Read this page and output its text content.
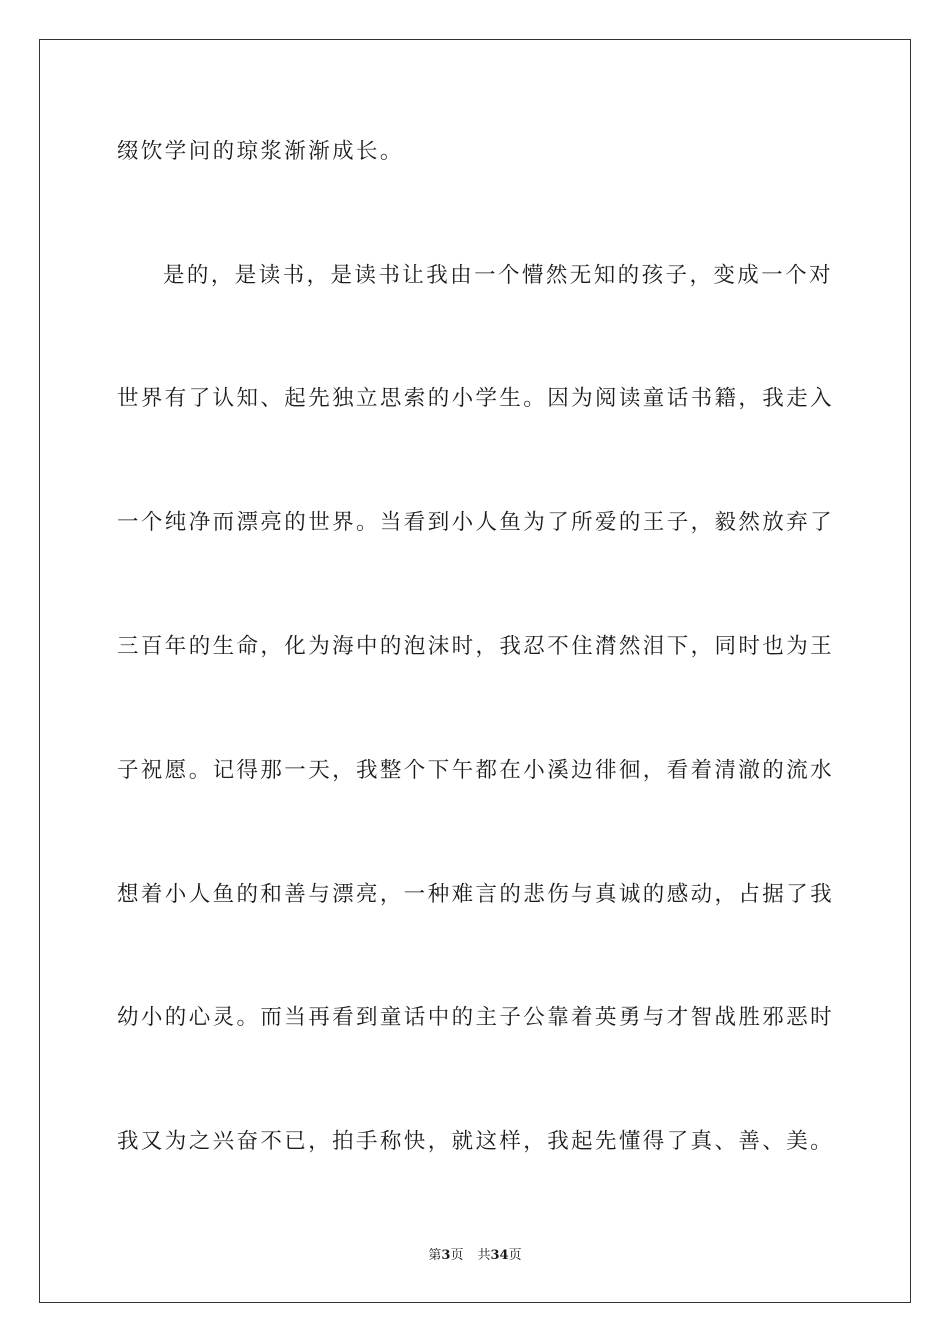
缀饮学问的琼浆渐渐成长。
是的，是读书，是读书让我由一个懵然无知的孩子，变成一个对
世界有了认知、起先独立思索的小学生。因为阅读童话书籍，我走入
一个纯净而漂亮的世界。当看到小人鱼为了所爱的王子，毅然放弃了
三百年的生命，化为海中的泡沫时，我忍不住潸然泪下，同时也为王
子祝愿。记得那一天，我整个下午都在小溪边徘徊，看着清澈的流水
想着小人鱼的和善与漂亮，一种难言的悲伤与真诚的感动，占据了我
幼小的心灵。而当再看到童话中的主子公靠着英勇与才智战胜邪恶时
我又为之兴奋不已，拍手称快，就这样，我起先懂得了真、善、美。
第3页 共34页
